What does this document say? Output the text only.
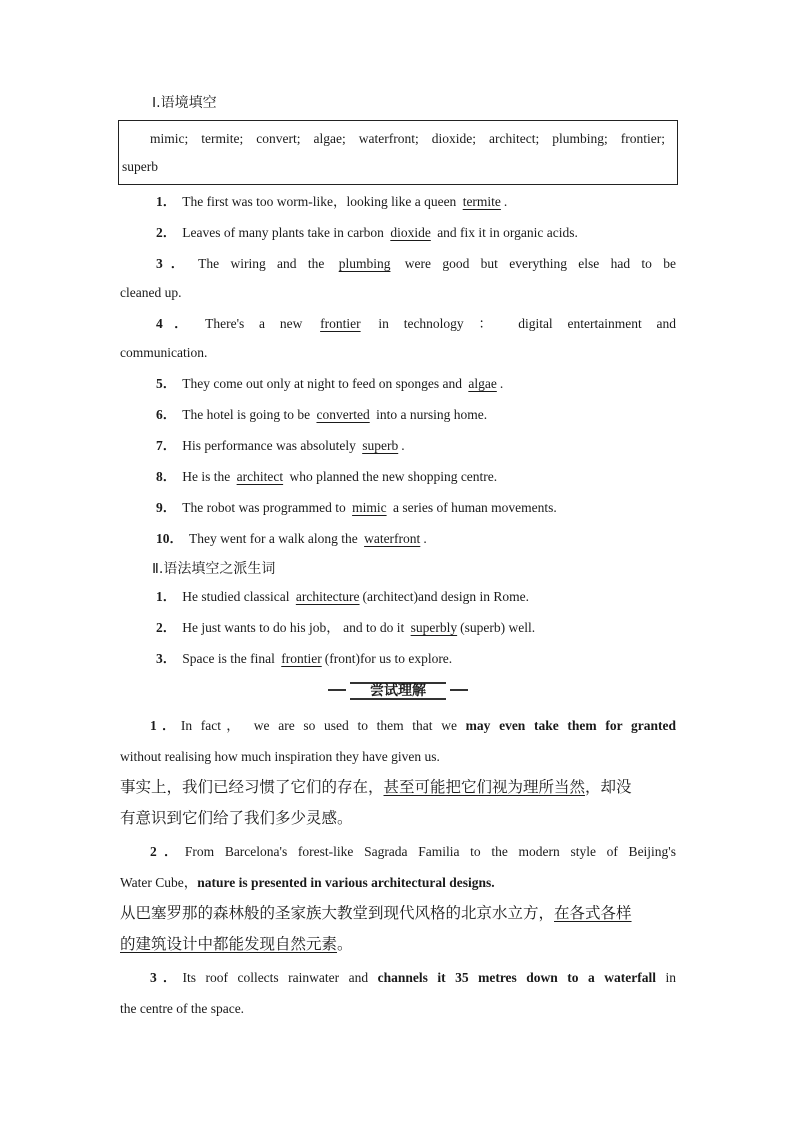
Ⅰ.语境填空
mimic; termite; convert; algae; waterfront; dioxide; architect; plumbing; frontier;
superb
1． The first was too worm-like，looking like a queen termite .
2． Leaves of many plants take in carbon dioxide and fix it in organic acids.
3． The wiring and the plumbing were good but everything else had to be
cleaned up.
4． There's a new frontier in technology ： digital entertainment and
communication.
5． They come out only at night to feed on sponges and algae .
6． The hotel is going to be converted into a nursing home.
7． His performance was absolutely superb .
8． He is the architect who planned the new shopping centre.
9． The robot was programmed to mimic a series of human movements.
10． They went for a walk along the waterfront .
Ⅱ.语法填空之派生词
1． He studied classical architecture (architect)and design in Rome.
2． He just wants to do his job， and to do it superbly (superb) well.
3． Space is the final frontier (front)for us to explore.
尝试理解
1．In fact， we are so used to them that we may even take them for granted
without realising how much inspiration they have given us.
事实上，我们已经习惯了它们的存在，甚至可能把它们视为理所当然，却没
有意识到它们给了我们多少灵感。
2．From Barcelona's forest-like Sagrada Familia to the modern style of Beijing's
Water Cube，nature is presented in various architectural designs.
从巴塞罗那的森林般的圣家族大教堂到现代风格的北京水立方，在各式各样
的建筑设计中都能发现自然元素。
3．Its roof collects rainwater and channels it 35 metres down to a waterfall in
the centre of the space.
